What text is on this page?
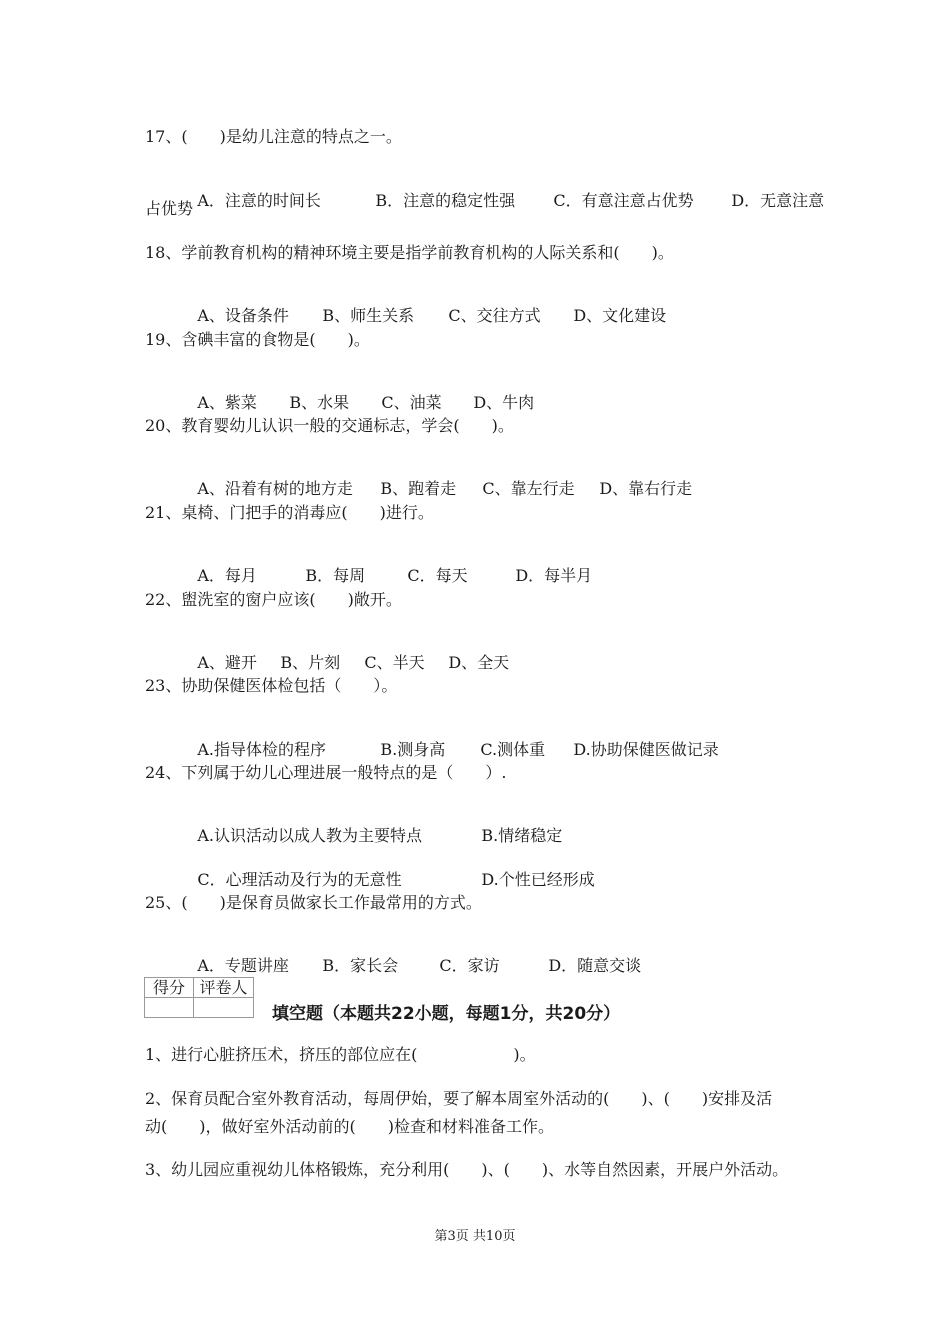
17、(　　)是幼儿注意的特点之一。

A．注意的时间长	B．注意的稳定性强 C．有意注意占优势 D．无意注意

占优势
18、学前教育机构的精神环境主要是指学前教育机构的人际关系和(　　)。

A、设备条件 B、师生关系 C、交往方式 D、文化建设

19、含碘丰富的食物是(　　)。

A、紫菜 B、水果 C、油菜 D、牛肉

20、教育婴幼儿认识一般的交通标志，学会(　　)。

A、沿着有树的地方走 B、跑着走 C、靠左行走 D、靠右行走

21、桌椅、门把手的消毒应(　　)进行。

A．每月	B．每周	C．每天	D．每半月

22、盥洗室的窗户应该(　　)敞开。

A、避开 B、片刻 C、半天 D、全天

23、协助保健医体检包括（　　）。

A.指导体检的程序	B.测身高 C.测体重 D.协助保健医做记录

24、下列属于幼儿心理进展一般特点的是（　　）.

A.认识活动以成人教为主要特点	B.情绪稳定

C．心理活动及行为的无意性	D.个性已经形成

25、(　　)是保育员做家长工作最常用的方式。

A．专题讲座 B．家长会	C．家访	D．随意交谈

得分	评卷人

填空题（本题共22小题，每题1分，共20分）
1、进行心脏挤压术，挤压的部位应在(　　　　　　)。
2、保育员配合室外教育活动，每周伊始，要了解本周室外活动的(　　)、(　　)安排及活
动(　　)，做好室外活动前的(　　)检查和材料准备工作。
3、幼儿园应重视幼儿体格锻炼，充分利用(　　)、(　　)、水等自然因素，开展户外活动。
第3页 共10页
